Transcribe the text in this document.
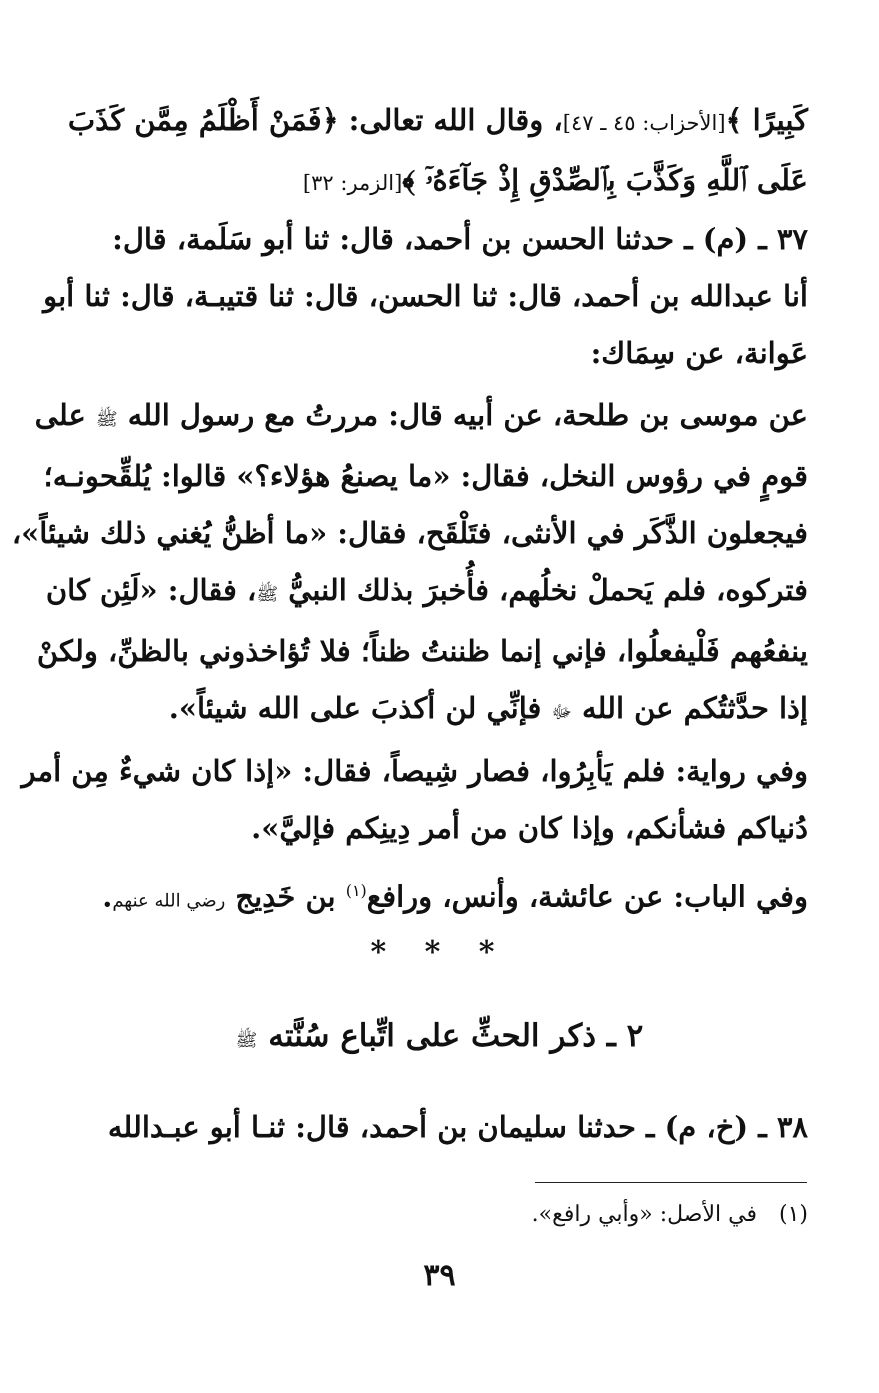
كَبِيرًا ﴾[الأحزاب: ٤٥ ـ ٤٧]، وقال الله تعالى: ﴿فَمَنْ أَظْلَمُ مِمَّن كَذَبَ
عَلَى ٱللَّهِ وَكَذَّبَ بِٱلصِّدْقِ إِذْ جَآءَهُۥٓ ﴾[الزمر: ٣٢]
٣٧ ـ (م) ـ حدثنا الحسن بن أحمد، قال: ثنا أبو سَلَمة، قال:
أنا عبدالله بن أحمد، قال: ثنا الحسن، قال: ثنا قتيبـة، قال: ثنا أبو
عَوانة، عن سِمَاك:
عن موسى بن طلحة، عن أبيه قال: مررتُ مع رسول الله ﷺ على
قومٍ في رؤوس النخل، فقال: «ما يصنعُ هؤلاء؟» قالوا: يُلقِّحونـه؛
فيجعلون الذَّكَر في الأنثى، فتَلْقَح، فقال: «ما أظنُّ يُغني ذلك شيئاً»،
فتركوه، فلم يَحملْ نخلُهم، فأُخبرَ بذلك النبيُّ ﷺ، فقال: «لَئِن كان
ينفعُهم فَلْيفعلُوا، فإني إنما ظننتُ ظناً؛ فلا تُؤاخذوني بالظنِّ، ولكنْ
إذا حدَّثتُكم عن الله ﷻ فإنِّي لن أكذبَ على الله شيئاً».
وفي رواية: فلم يَأبِرُوا، فصار شِيصاً، فقال: «إذا كان شيءٌ مِن أمر
دُنياكم فشأنكم، وإذا كان من أمر دِينِكم فإليَّ».
وفي الباب: عن عائشة، وأنس، ورافع$^{(١)}$ بن خَدِيج رضي الله عنهم.
* * *
٢ ـ ذكر الحثِّ على اتِّباع سُنَّته ﷺ
٣٨ ـ (خ، م) ـ حدثنا سليمان بن أحمد، قال: ثنـا أبو عبـدالله
(١)في الأصل: «وأبي رافع».
٣٩
